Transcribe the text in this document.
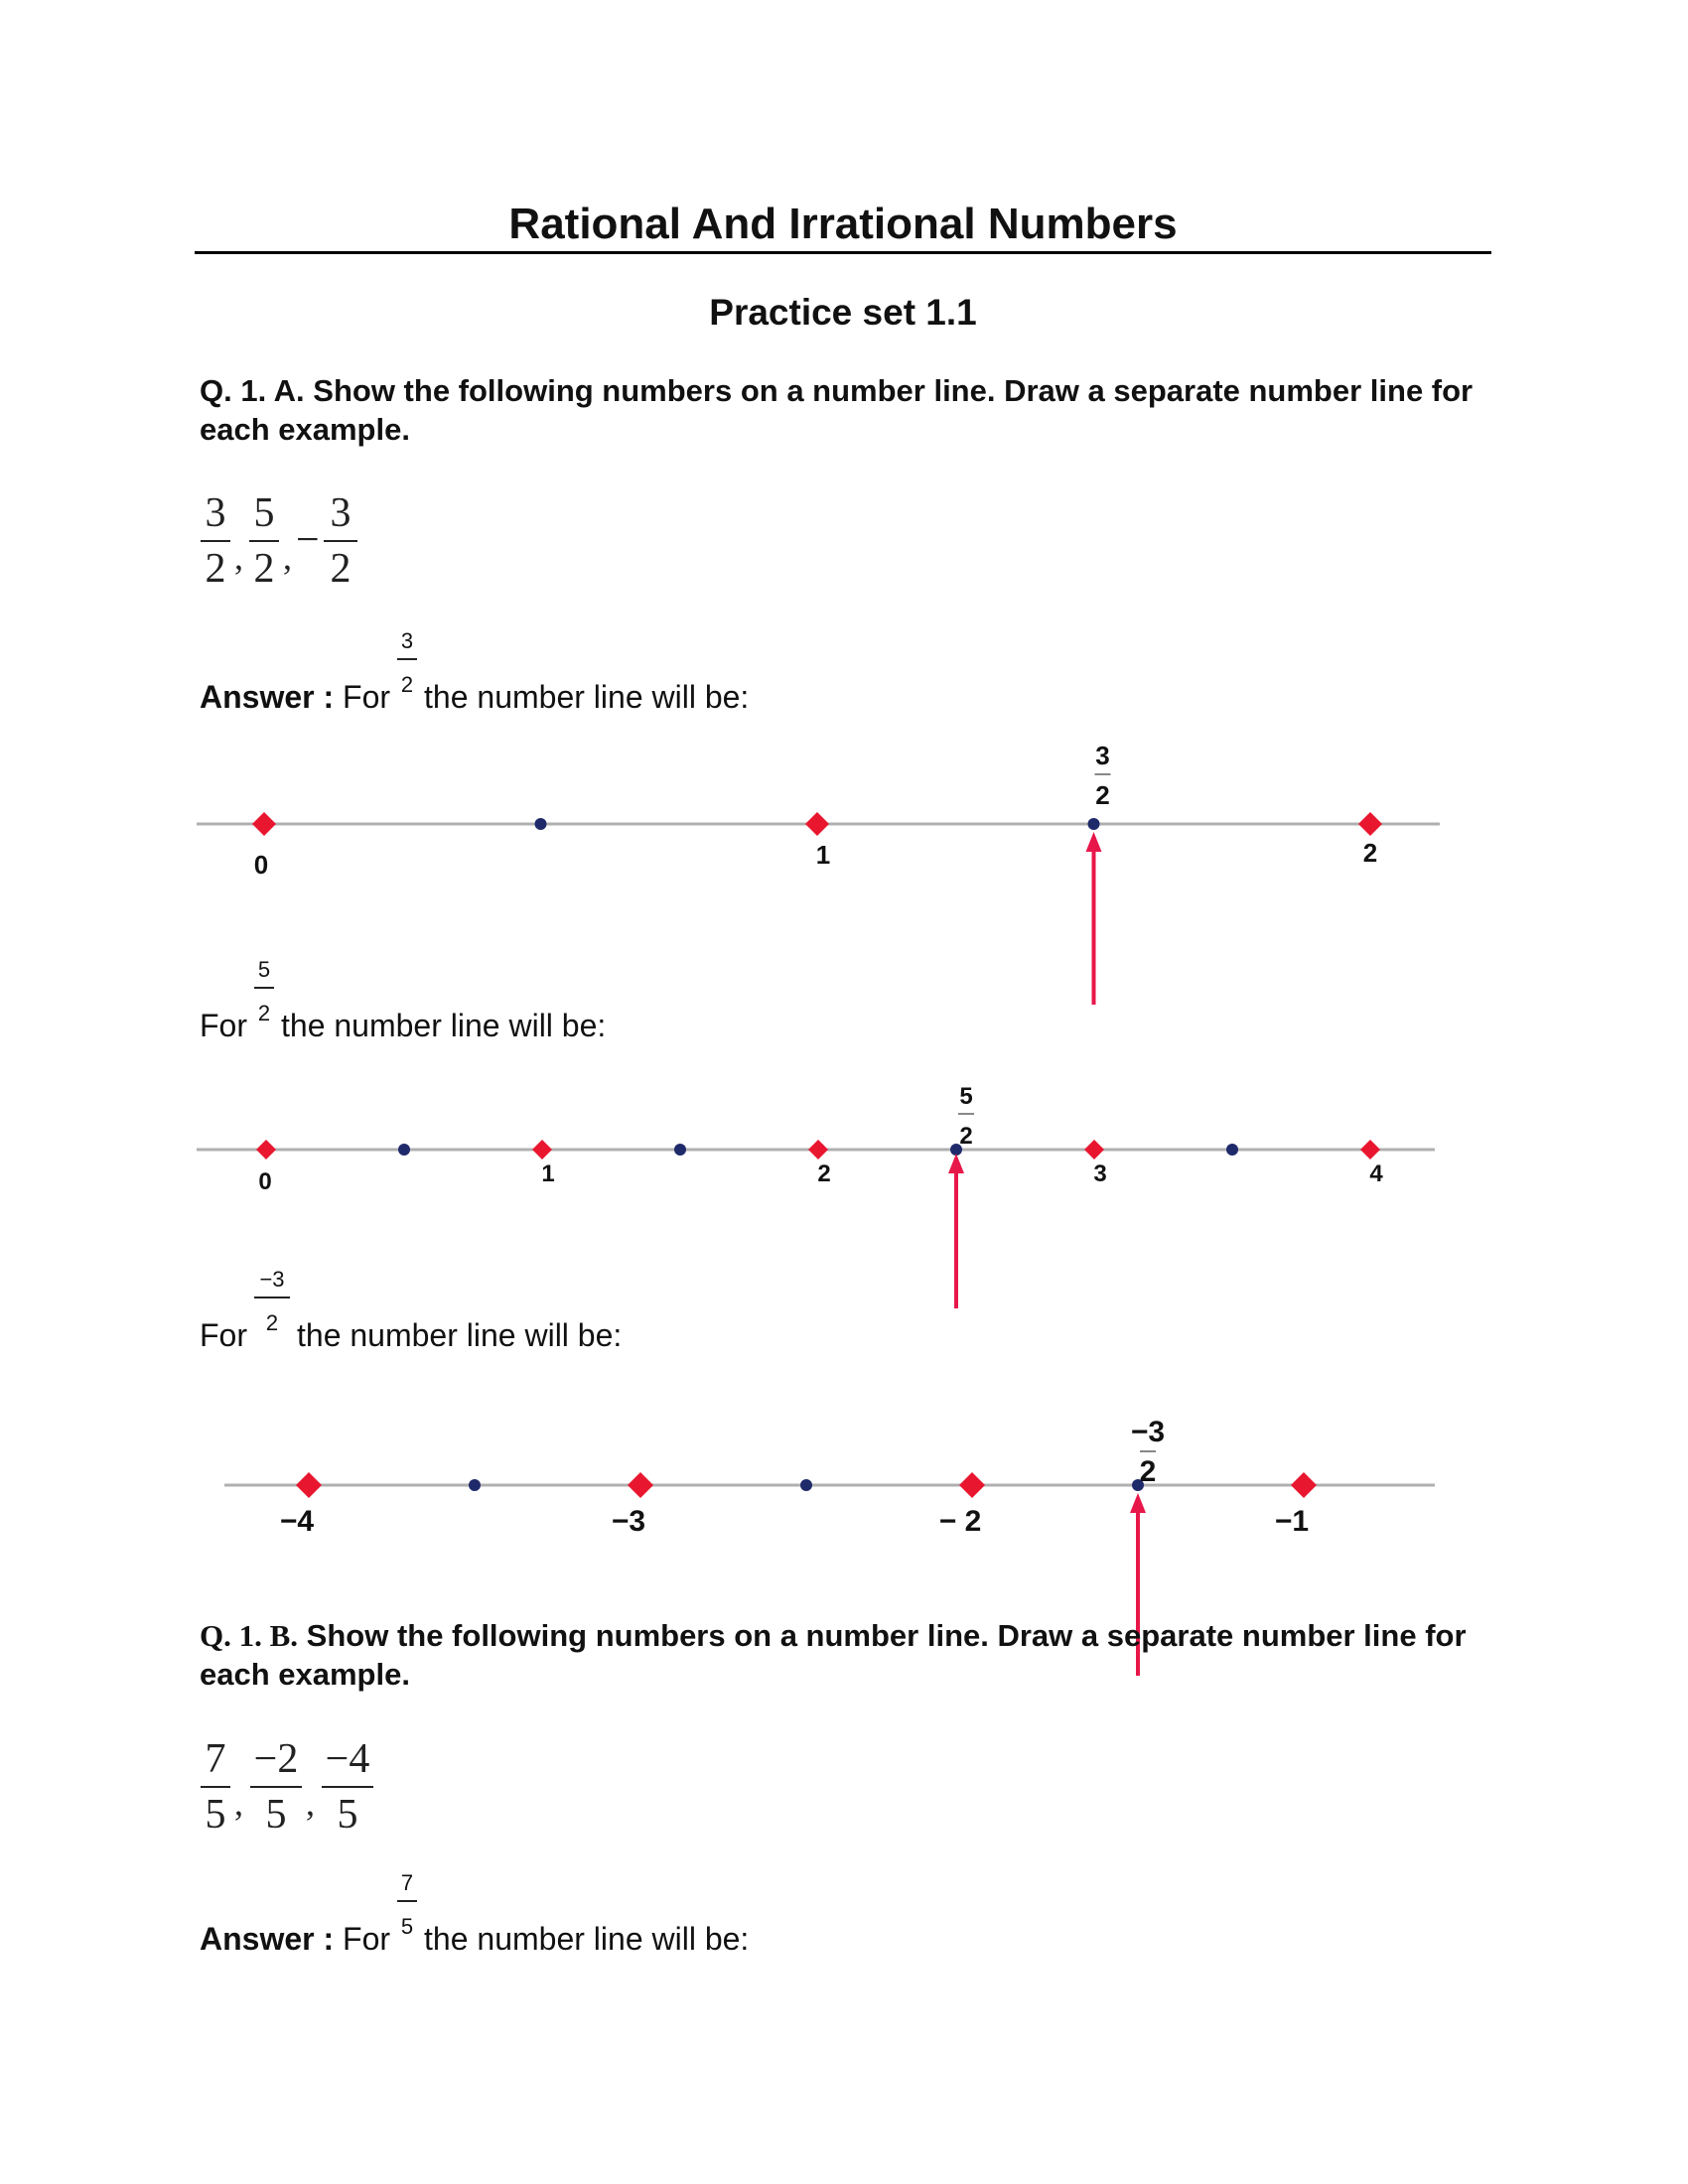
Rational And Irrational Numbers
Practice set 1.1
Q. 1. A. Show the following numbers on a number line. Draw a separate number line for each example.
3
2 ,
5
2 , −
3
2
Answer : For $\frac{3}{2}$ the number line will be:
0	1	2
3
2
For $\frac{5}{2}$ the number line will be:
0	1	2	3	4
5
2
For $\frac{-3}{2}$ the number line will be:
−4	−3	− 2	−1
−3
2
Q. 1. B. Show the following numbers on a number line. Draw a separate number line for each example.
7
5 ,
−2
5 ,
−4
5
Answer : For $\frac{7}{5}$ the number line will be:
